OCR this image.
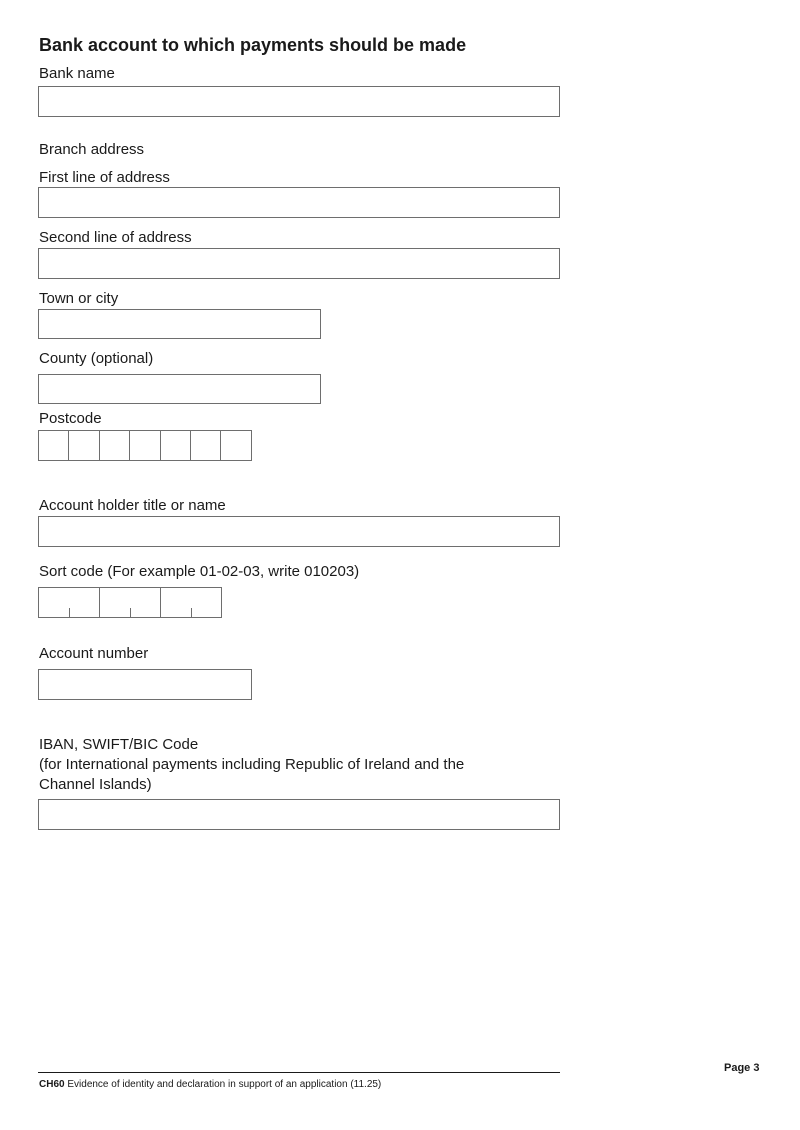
Bank account to which payments should be made
Bank name
Branch address
First line of address
Second line of address
Town or city
County (optional)
Postcode
Account holder title or name
Sort code (For example 01-02-03, write 010203)
Account number
IBAN, SWIFT/BIC Code
(for International payments including Republic of Ireland and the
Channel Islands)
CH60 Evidence of identity and declaration in support of an application (11.25)
Page 3
